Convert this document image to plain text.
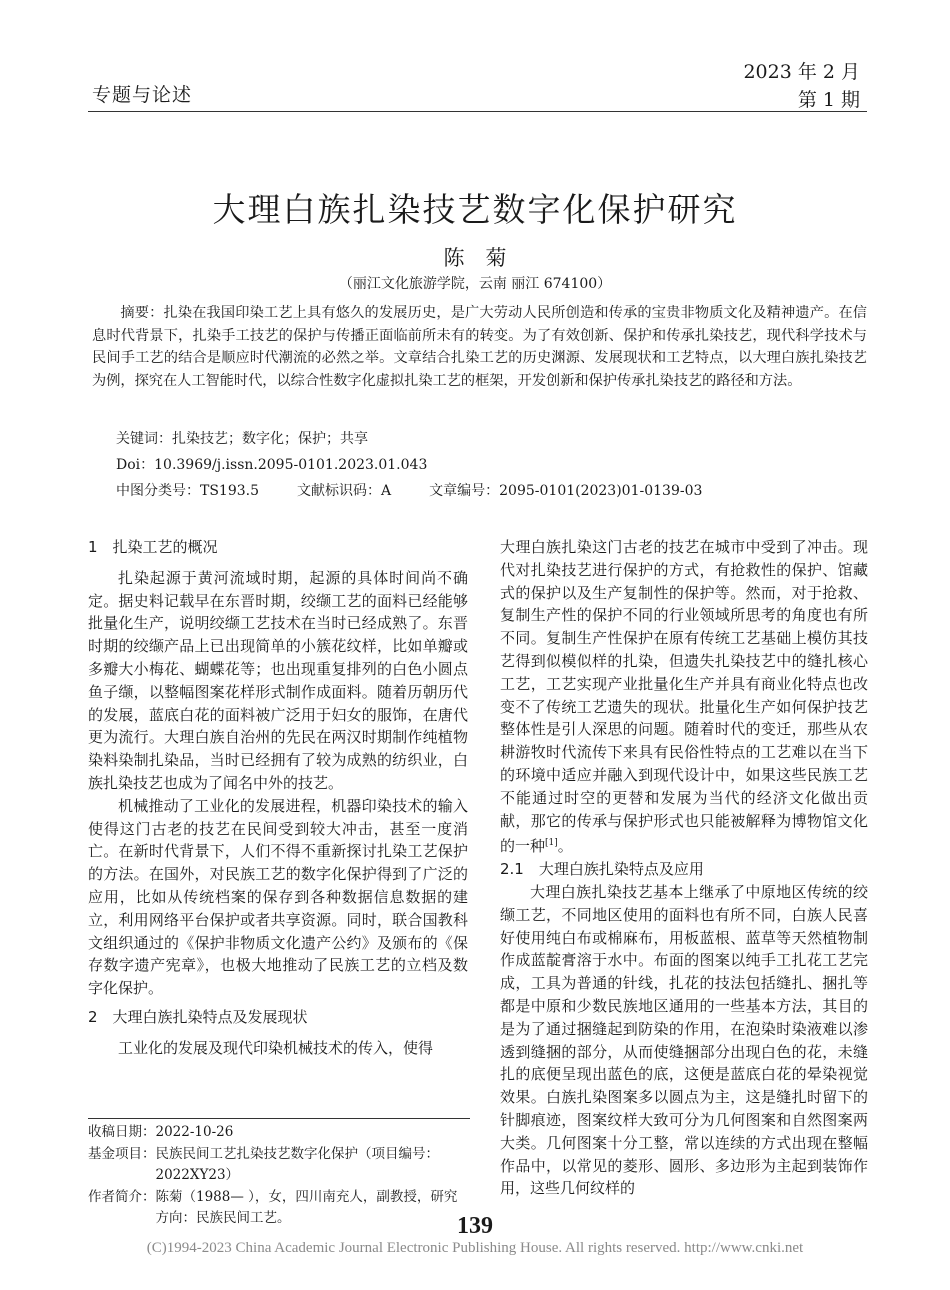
专题与论述
2023 年 2 月
第 1 期
大理白族扎染技艺数字化保护研究
陈　菊
（丽江文化旅游学院，云南 丽江 674100）
摘要：扎染在我国印染工艺上具有悠久的发展历史，是广大劳动人民所创造和传承的宝贵非物质文化及精神遗产。在信息时代背景下，扎染手工技艺的保护与传播正面临前所未有的转变。为了有效创新、保护和传承扎染技艺，现代科学技术与民间手工艺的结合是顺应时代潮流的必然之举。文章结合扎染工艺的历史渊源、发展现状和工艺特点，以大理白族扎染技艺为例，探究在人工智能时代，以综合性数字化虚拟扎染工艺的框架，开发创新和保护传承扎染技艺的路径和方法。
关键词：扎染技艺；数字化；保护；共享
Doi：10.3969/j.issn.2095-0101.2023.01.043
中图分类号：TS193.5	文献标识码：A	文章编号：2095-0101(2023)01-0139-03

1　扎染工艺的概况

扎染起源于黄河流域时期，起源的具体时间尚不确定。据史料记载早在东晋时期，绞缬工艺的面料已经能够批量化生产，说明绞缬工艺技术在当时已经成熟了。东晋时期的绞缬产品上已出现简单的小簇花纹样，比如单瓣或多瓣大小梅花、蝴蝶花等；也出现重复排列的白色小圆点鱼子缬，以整幅图案花样形式制作成面料。随着历朝历代的发展，蓝底白花的面料被广泛用于妇女的服饰，在唐代更为流行。大理白族自治州的先民在两汉时期制作纯植物染料染制扎染品，当时已经拥有了较为成熟的纺织业，白族扎染技艺也成为了闻名中外的技艺。

机械推动了工业化的发展进程，机器印染技术的输入使得这门古老的技艺在民间受到较大冲击，甚至一度消亡。在新时代背景下，人们不得不重新探讨扎染工艺保护的方法。在国外，对民族工艺的数字化保护得到了广泛的应用，比如从传统档案的保存到各种数据信息数据的建立，利用网络平台保护或者共享资源。同时，联合国教科文组织通过的《保护非物质文化遗产公约》及颁布的《保存数字遗产宪章》，也极大地推动了民族工艺的立档及数字化保护。

2　大理白族扎染特点及发展现状

工业化的发展及现代印染机械技术的传入，使得

大理白族扎染这门古老的技艺在城市中受到了冲击。现代对扎染技艺进行保护的方式，有抢救性的保护、馆藏式的保护以及生产复制性的保护等。然而，对于抢救、复制生产性的保护不同的行业领域所思考的角度也有所不同。复制生产性保护在原有传统工艺基础上模仿其技艺得到似模似样的扎染，但遗失扎染技艺中的缝扎核心工艺，工艺实现产业批量化生产并具有商业化特点也改变不了传统工艺遗失的现状。批量化生产如何保护技艺整体性是引人深思的问题。随着时代的变迁，那些从农耕游牧时代流传下来具有民俗性特点的工艺难以在当下的环境中适应并融入到现代设计中，如果这些民族工艺不能通过时空的更替和发展为当代的经济文化做出贡献，那它的传承与保护形式也只能被解释为博物馆文化的一种[1]。

2.1　大理白族扎染特点及应用

大理白族扎染技艺基本上继承了中原地区传统的绞缬工艺，不同地区使用的面料也有所不同，白族人民喜好使用纯白布或棉麻布，用板蓝根、蓝草等天然植物制作成蓝靛膏溶于水中。布面的图案以纯手工扎花工艺完成，工具为普通的针线，扎花的技法包括缝扎、捆扎等都是中原和少数民族地区通用的一些基本方法，其目的是为了通过捆缝起到防染的作用，在泡染时染液难以渗透到缝捆的部分，从而使缝捆部分出现白色的花，未缝扎的底便呈现出蓝色的底，这便是蓝底白花的晕染视觉效果。白族扎染图案多以圆点为主，这是缝扎时留下的针脚痕迹，图案纹样大致可分为几何图案和自然图案两大类。几何图案十分工整，常以连续的方式出现在整幅作品中，以常见的菱形、圆形、多边形为主起到装饰作用，这些几何纹样的

收稿日期：2022-10-26
基金项目：民族民间工艺扎染技艺数字化保护（项目编号：2022XY23）
作者简介：陈菊（1988— ），女，四川南充人，副教授，研究方向：民族民间工艺。	139
(C)1994-2023 China Academic Journal Electronic Publishing House. All rights reserved. http://www.cnki.net
